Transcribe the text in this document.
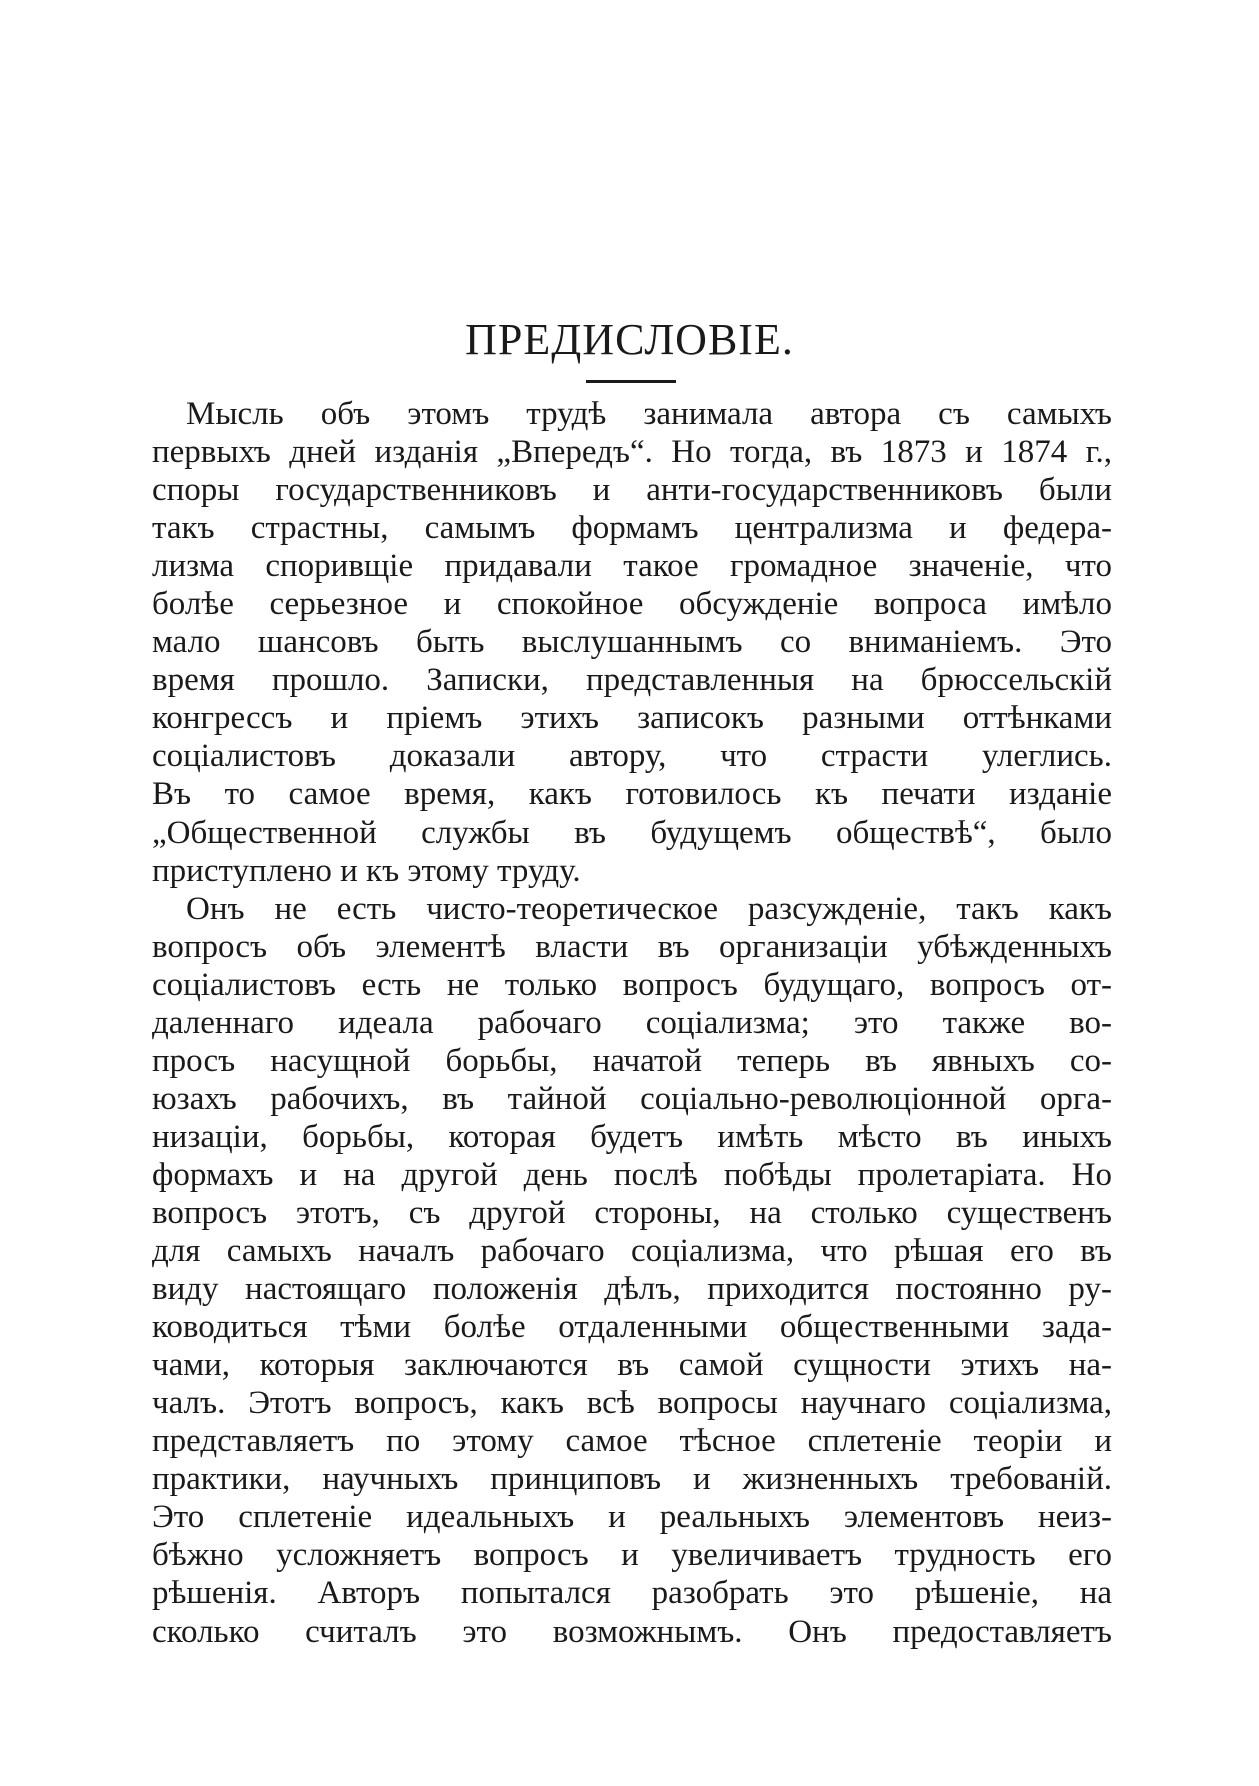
ПРЕДИСЛОВІЕ.
Мысль объ этомъ трудѣ занимала автора съ самыхъ
первыхъ дней изданія „Впередъ“. Но тогда, въ 1873 и 1874 г.,
споры государственниковъ и анти-государственниковъ были
такъ страстны, самымъ формамъ централизма и федера-
лизма споривщіе придавали такое громадное значеніе, что
болѣе серьезное и спокойное обсужденіе вопроса имѣло
мало шансовъ быть выслушаннымъ со вниманіемъ. Это
время прошло. Записки, представленныя на брюссельскій
конгрессъ и пріемъ этихъ записокъ разными оттѣнками
соціалистовъ доказали автору, что страсти улеглись.
Въ то самое время, какъ готовилось къ печати изданіе
„Общественной службы въ будущемъ обществѣ“, было
приступлено и къ этому труду.
Онъ не есть чисто-теоретическое разсужденіе, такъ какъ
вопросъ объ элементѣ власти въ организаціи убѣжденныхъ
соціалистовъ есть не только вопросъ будущаго, вопросъ от-
даленнаго идеала рабочаго соціализма; это также во-
просъ насущной борьбы, начатой теперь въ явныхъ со-
юзахъ рабочихъ, въ тайной соціально-революціонной орга-
низаціи, борьбы, которая будетъ имѣть мѣсто въ иныхъ
формахъ и на другой день послѣ побѣды пролетаріата. Но
вопросъ этотъ, съ другой стороны, на столько существенъ
для самыхъ началъ рабочаго соціализма, что рѣшая его въ
виду настоящаго положенія дѣлъ, приходится постоянно ру-
ководиться тѣми болѣе отдаленными общественными зада-
чами, которыя заключаются въ самой сущности этихъ на-
чалъ. Этотъ вопросъ, какъ всѣ вопросы научнаго соціализма,
представляетъ по этому самое тѣсное сплетеніе теоріи и
практики, научныхъ принциповъ и жизненныхъ требованій.
Это сплетеніе идеальныхъ и реальныхъ элементовъ неиз-
бѣжно усложняетъ вопросъ и увеличиваетъ трудность его
рѣшенія. Авторъ попытался разобрать это рѣшеніе, на
сколько считалъ это возможнымъ. Онъ предоставляетъ
